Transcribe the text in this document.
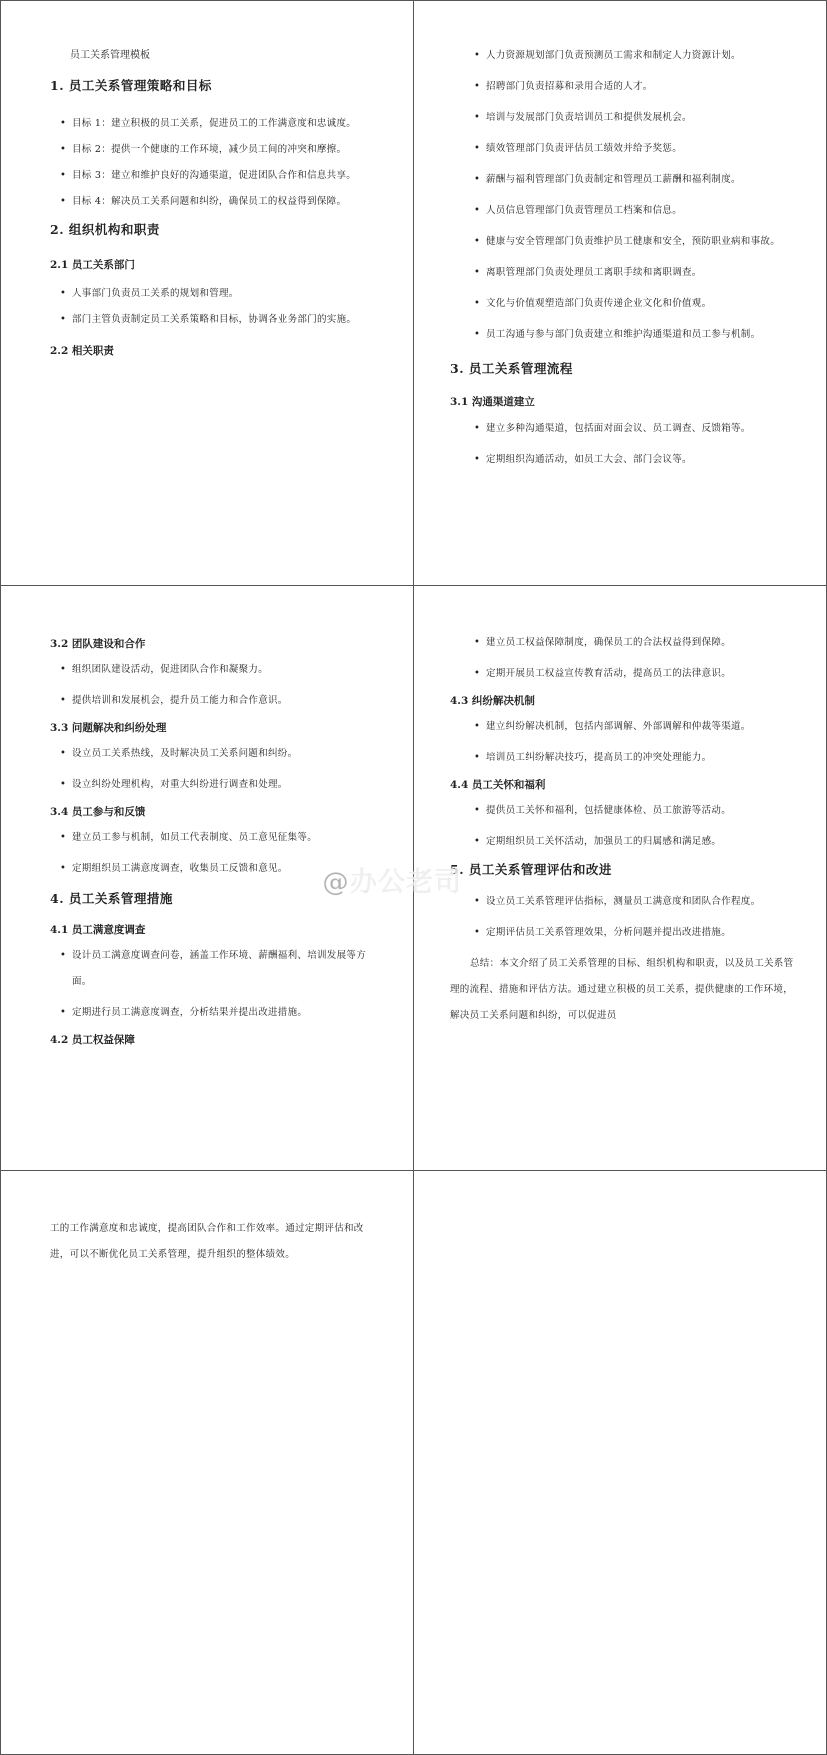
员工关系管理模板
1. 员工关系管理策略和目标
• 目标 1：建立积极的员工关系，促进员工的工作满意度和忠诚度。
• 目标 2：提供一个健康的工作环境，减少员工间的冲突和摩擦。
• 目标 3：建立和维护良好的沟通渠道，促进团队合作和信息共享。
• 目标 4：解决员工关系问题和纠纷，确保员工的权益得到保障。
2. 组织机构和职责
2.1 员工关系部门
• 人事部门负责员工关系的规划和管理。
• 部门主管负责制定员工关系策略和目标，协调各业务部门的实施。
2.2 相关职责
• 人力资源规划部门负责预测员工需求和制定人力资源计划。
• 招聘部门负责招募和录用合适的人才。
• 培训与发展部门负责培训员工和提供发展机会。
• 绩效管理部门负责评估员工绩效并给予奖惩。
• 薪酬与福利管理部门负责制定和管理员工薪酬和福利制度。
• 人员信息管理部门负责管理员工档案和信息。
• 健康与安全管理部门负责维护员工健康和安全，预防职业病和事故。
• 离职管理部门负责处理员工离职手续和离职调查。
• 文化与价值观塑造部门负责传递企业文化和价值观。
• 员工沟通与参与部门负责建立和维护沟通渠道和员工参与机制。
3. 员工关系管理流程
3.1 沟通渠道建立
• 建立多种沟通渠道，包括面对面会议、员工调查、反馈箱等。
• 定期组织沟通活动，如员工大会、部门会议等。
3.2 团队建设和合作
• 组织团队建设活动，促进团队合作和凝聚力。
• 提供培训和发展机会，提升员工能力和合作意识。
3.3 问题解决和纠纷处理
• 设立员工关系热线，及时解决员工关系问题和纠纷。
• 设立纠纷处理机构，对重大纠纷进行调查和处理。
3.4 员工参与和反馈
• 建立员工参与机制，如员工代表制度、员工意见征集等。
• 定期组织员工满意度调查，收集员工反馈和意见。
4. 员工关系管理措施
4.1 员工满意度调查
• 设计员工满意度调查问卷，涵盖工作环境、薪酬福利、培训发展等方面。
• 定期进行员工满意度调查，分析结果并提出改进措施。
4.2 员工权益保障
• 建立员工权益保障制度，确保员工的合法权益得到保障。
• 定期开展员工权益宣传教育活动，提高员工的法律意识。
4.3 纠纷解决机制
• 建立纠纷解决机制，包括内部调解、外部调解和仲裁等渠道。
• 培训员工纠纷解决技巧，提高员工的冲突处理能力。
4.4 员工关怀和福利
• 提供员工关怀和福利，包括健康体检、员工旅游等活动。
• 定期组织员工关怀活动，加强员工的归属感和满足感。
5. 员工关系管理评估和改进
• 设立员工关系管理评估指标，测量员工满意度和团队合作程度。
• 定期评估员工关系管理效果，分析问题并提出改进措施。

总结：本文介绍了员工关系管理的目标、组织机构和职责，以及员工关系管理的流程、措施和评估方法。通过建立积极的员工关系，提供健康的工作环境，解决员工关系问题和纠纷，可以促进员

工的工作满意度和忠诚度，提高团队合作和工作效率。通过定期评估和改进，可以不断优化员工关系管理，提升组织的整体绩效。

@办公老司
